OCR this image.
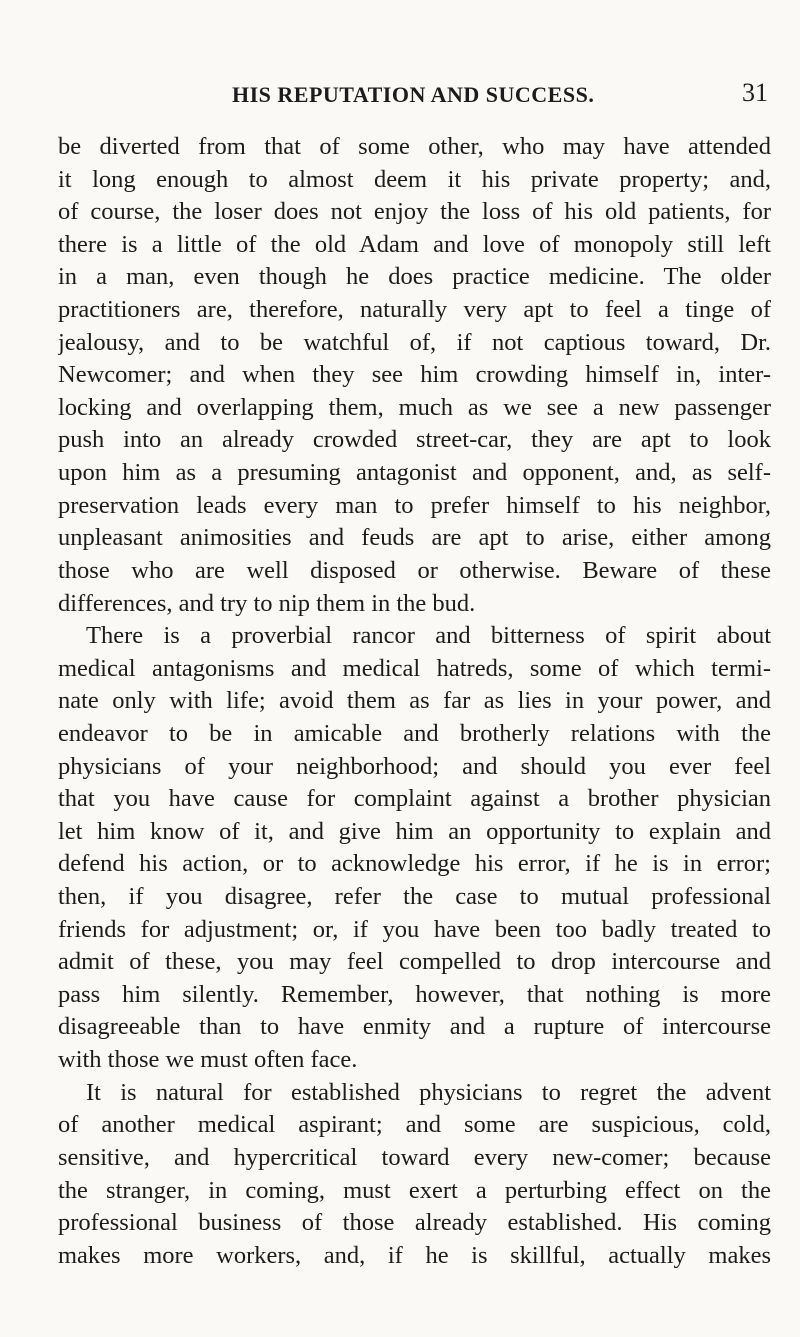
HIS REPUTATION AND SUCCESS.	31
be diverted from that of some other, who may have attended
it long enough to almost deem it his private property; and,
of course, the loser does not enjoy the loss of his old patients, for
there is a little of the old Adam and love of monopoly still left
in a man, even though he does practice medicine. The older
practitioners are, therefore, naturally very apt to feel a tinge of
jealousy, and to be watchful of, if not captious toward, Dr.
Newcomer; and when they see him crowding himself in, inter-
locking and overlapping them, much as we see a new passenger
push into an already crowded street-car, they are apt to look
upon him as a presuming antagonist and opponent, and, as self-
preservation leads every man to prefer himself to his neighbor,
unpleasant animosities and feuds are apt to arise, either among
those who are well disposed or otherwise. Beware of these
differences, and try to nip them in the bud.
There is a proverbial rancor and bitterness of spirit about
medical antagonisms and medical hatreds, some of which termi-
nate only with life; avoid them as far as lies in your power, and
endeavor to be in amicable and brotherly relations with the
physicians of your neighborhood; and should you ever feel
that you have cause for complaint against a brother physician
let him know of it, and give him an opportunity to explain and
defend his action, or to acknowledge his error, if he is in error;
then, if you disagree, refer the case to mutual professional
friends for adjustment; or, if you have been too badly treated to
admit of these, you may feel compelled to drop intercourse and
pass him silently. Remember, however, that nothing is more
disagreeable than to have enmity and a rupture of intercourse
with those we must often face.
It is natural for established physicians to regret the advent
of another medical aspirant; and some are suspicious, cold,
sensitive, and hypercritical toward every new-comer; because
the stranger, in coming, must exert a perturbing effect on the
professional business of those already established. His coming
makes more workers, and, if he is skillful, actually makes
